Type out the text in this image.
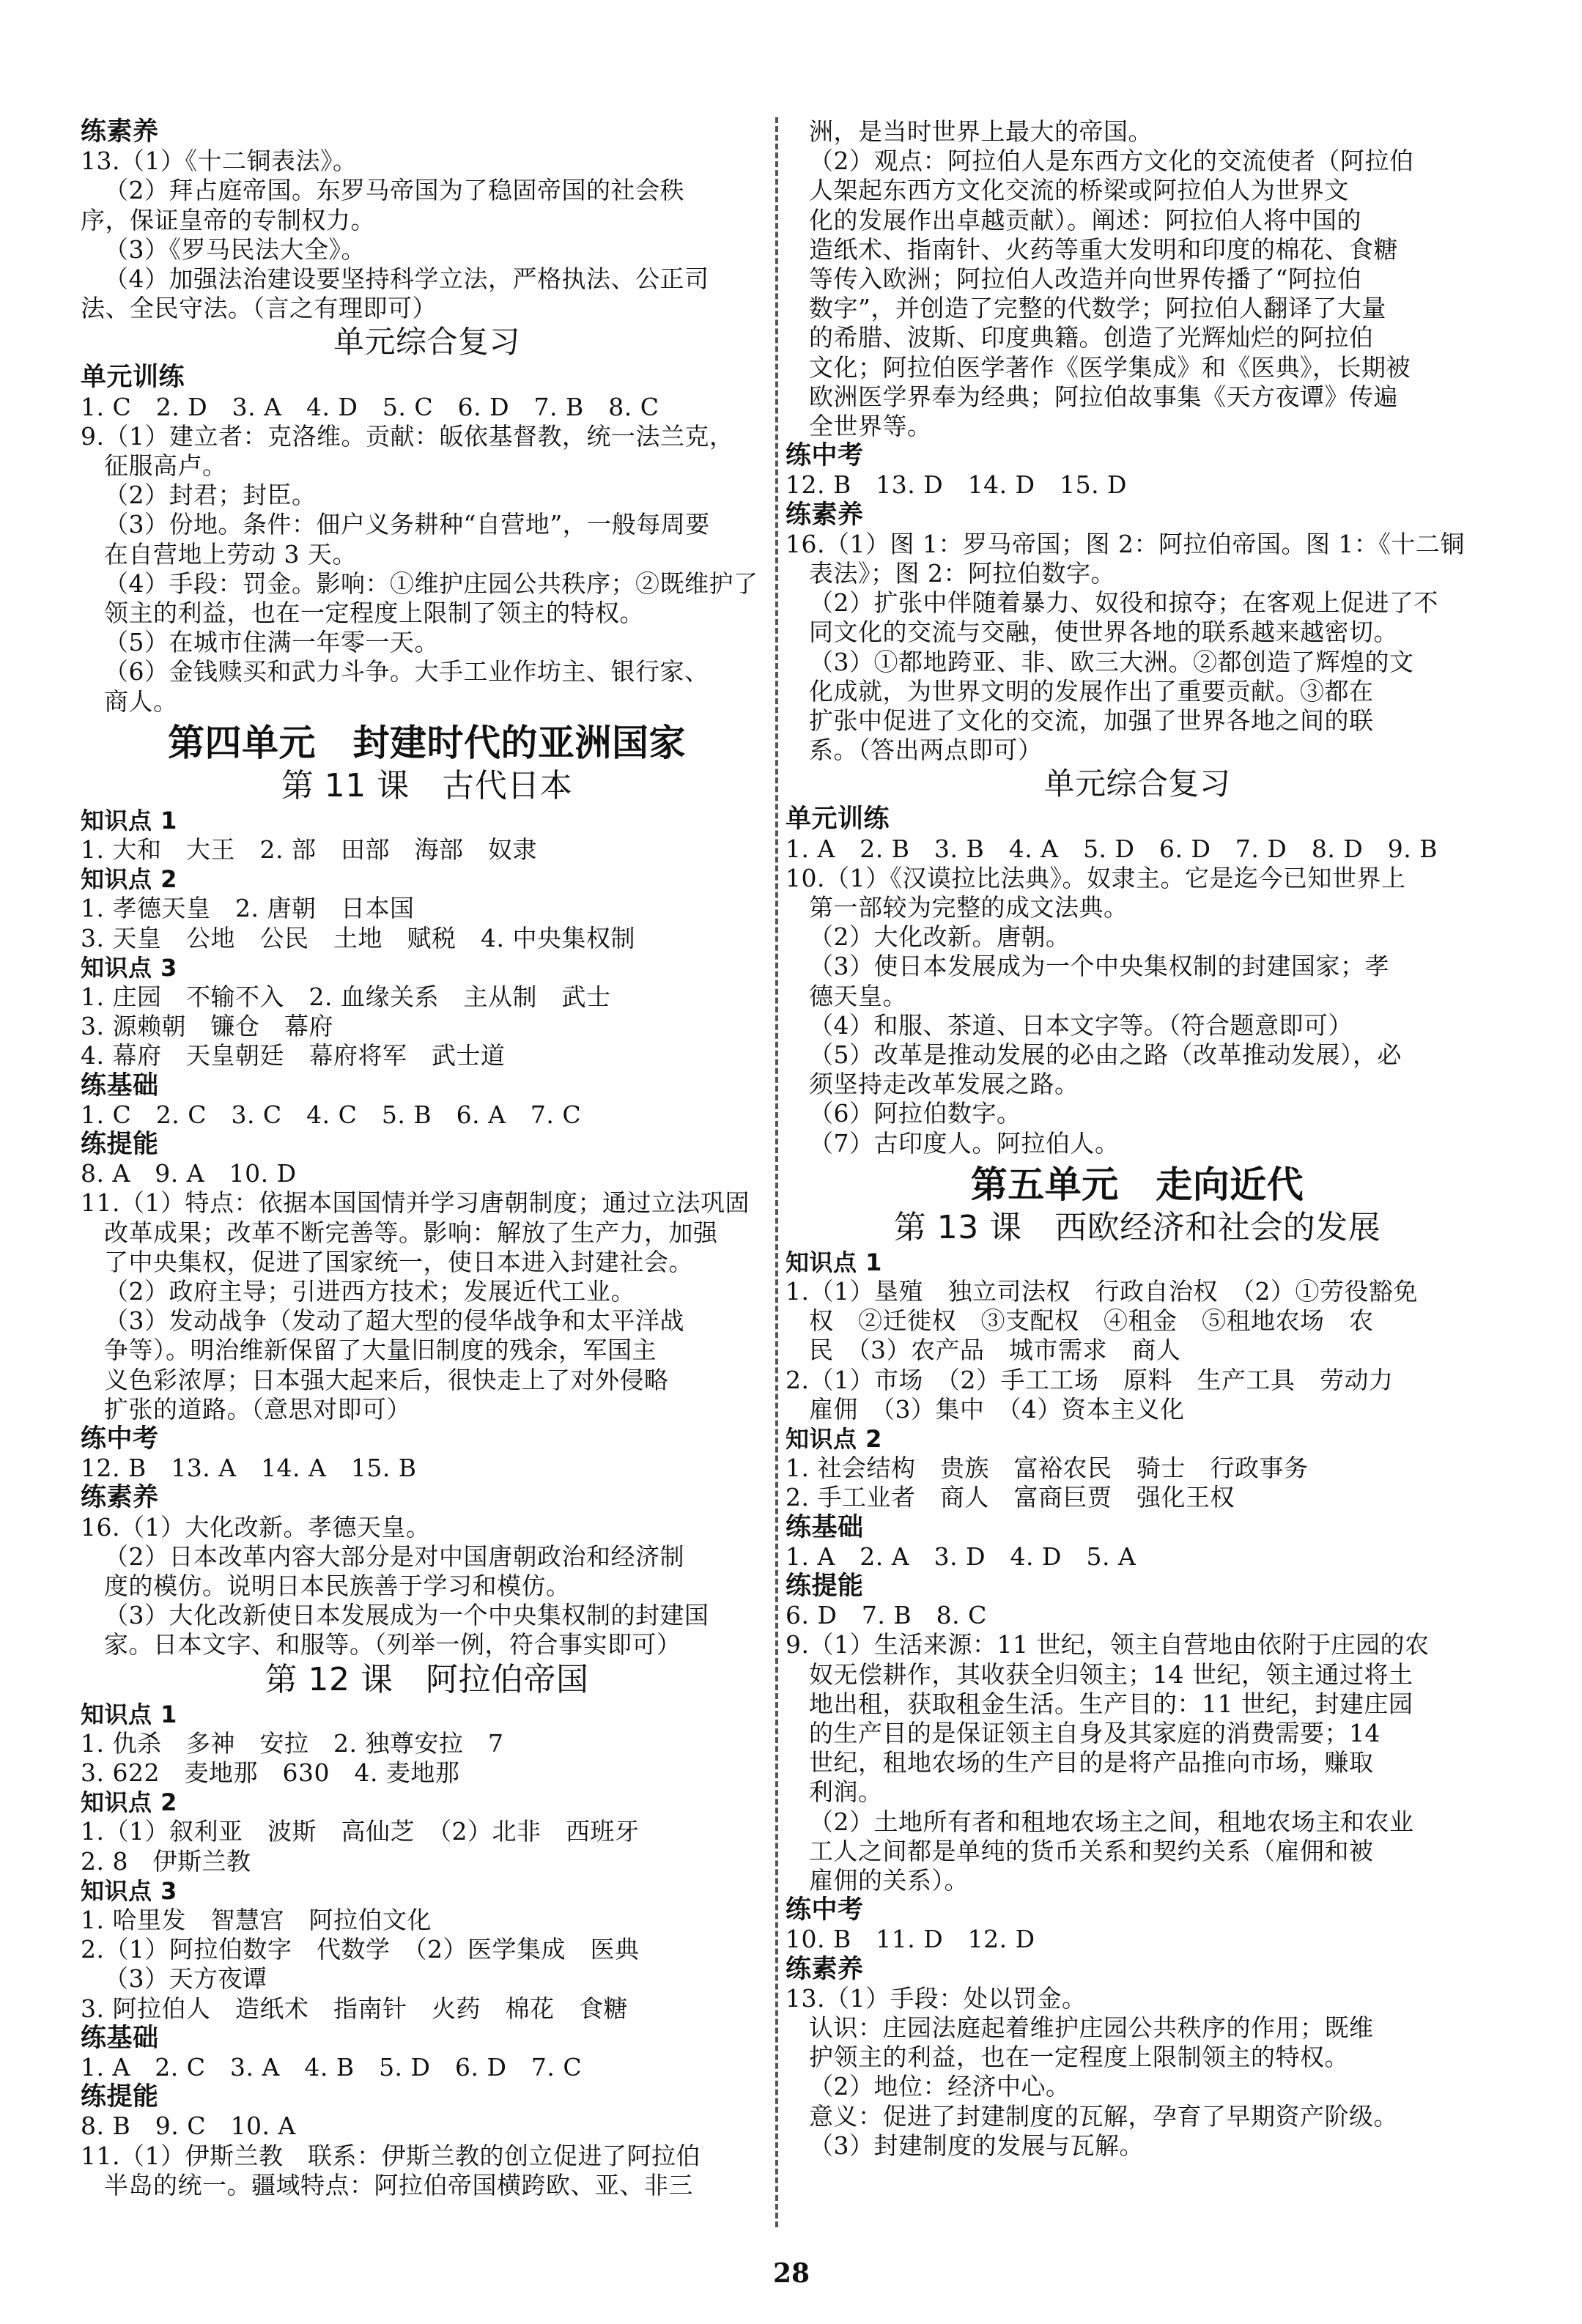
练素养
13.（1）《十二铜表法》。
（2）拜占庭帝国。东罗马帝国为了稳固帝国的社会秩
序，保证皇帝的专制权力。
（3）《罗马民法大全》。
（4）加强法治建设要坚持科学立法，严格执法、公正司
法、全民守法。（言之有理即可）
单元综合复习
单元训练
1. C　2. D　3. A　4. D　5. C　6. D　7. B　8. C
9.（1）建立者：克洛维。贡献：皈依基督教，统一法兰克，
征服高卢。
（2）封君；封臣。
（3）份地。条件：佃户义务耕种“自营地”，一般每周要
在自营地上劳动 3 天。
（4）手段：罚金。影响：①维护庄园公共秩序；②既维护了
领主的利益，也在一定程度上限制了领主的特权。
（5）在城市住满一年零一天。
（6）金钱赎买和武力斗争。大手工业作坊主、银行家、
商人。
第四单元　封建时代的亚洲国家
第 11 课　古代日本
知识点 1
1. 大和　大王　2. 部　田部　海部　奴隶
知识点 2
1. 孝德天皇　2. 唐朝　日本国
3. 天皇　公地　公民　土地　赋税　4. 中央集权制
知识点 3
1. 庄园　不输不入　2. 血缘关系　主从制　武士
3. 源赖朝　镰仓　幕府
4. 幕府　天皇朝廷　幕府将军　武士道
练基础
1. C　2. C　3. C　4. C　5. B　6. A　7. C
练提能
8. A　9. A　10. D
11.（1）特点：依据本国国情并学习唐朝制度；通过立法巩固
改革成果；改革不断完善等。影响：解放了生产力，加强
了中央集权，促进了国家统一，使日本进入封建社会。
（2）政府主导；引进西方技术；发展近代工业。
（3）发动战争（发动了超大型的侵华战争和太平洋战
争等）。明治维新保留了大量旧制度的残余，军国主
义色彩浓厚；日本强大起来后，很快走上了对外侵略
扩张的道路。（意思对即可）
练中考
12. B　13. A　14. A　15. B
练素养
16.（1）大化改新。孝德天皇。
（2）日本改革内容大部分是对中国唐朝政治和经济制
度的模仿。说明日本民族善于学习和模仿。
（3）大化改新使日本发展成为一个中央集权制的封建国
家。日本文字、和服等。（列举一例，符合事实即可）
第 12 课　阿拉伯帝国
知识点 1
1. 仇杀　多神　安拉　2. 独尊安拉　7
3. 622　麦地那　630　4. 麦地那
知识点 2
1.（1）叙利亚　波斯　高仙芝　（2）北非　西班牙
2. 8　伊斯兰教
知识点 3
1. 哈里发　智慧宫　阿拉伯文化
2.（1）阿拉伯数字　代数学　（2）医学集成　医典
（3）天方夜谭
3. 阿拉伯人　造纸术　指南针　火药　棉花　食糖
练基础
1. A　2. C　3. A　4. B　5. D　6. D　7. C
练提能
8. B　9. C　10. A
11.（1）伊斯兰教　联系：伊斯兰教的创立促进了阿拉伯
半岛的统一。疆域特点：阿拉伯帝国横跨欧、亚、非三
洲，是当时世界上最大的帝国。
（2）观点：阿拉伯人是东西方文化的交流使者（阿拉伯
人架起东西方文化交流的桥梁或阿拉伯人为世界文
化的发展作出卓越贡献）。阐述：阿拉伯人将中国的
造纸术、指南针、火药等重大发明和印度的棉花、食糖
等传入欧洲；阿拉伯人改造并向世界传播了“阿拉伯
数字”，并创造了完整的代数学；阿拉伯人翻译了大量
的希腊、波斯、印度典籍。创造了光辉灿烂的阿拉伯
文化；阿拉伯医学著作《医学集成》和《医典》，长期被
欧洲医学界奉为经典；阿拉伯故事集《天方夜谭》传遍
全世界等。
练中考
12. B　13. D　14. D　15. D
练素养
16.（1）图 1：罗马帝国；图 2：阿拉伯帝国。图 1：《十二铜
表法》；图 2：阿拉伯数字。
（2）扩张中伴随着暴力、奴役和掠夺；在客观上促进了不
同文化的交流与交融，使世界各地的联系越来越密切。
（3）①都地跨亚、非、欧三大洲。②都创造了辉煌的文
化成就，为世界文明的发展作出了重要贡献。③都在
扩张中促进了文化的交流，加强了世界各地之间的联
系。（答出两点即可）
单元综合复习
单元训练
1. A　2. B　3. B　4. A　5. D　6. D　7. D　8. D　9. B
10.（1）《汉谟拉比法典》。奴隶主。它是迄今已知世界上
第一部较为完整的成文法典。
（2）大化改新。唐朝。
（3）使日本发展成为一个中央集权制的封建国家；孝
德天皇。
（4）和服、茶道、日本文字等。（符合题意即可）
（5）改革是推动发展的必由之路（改革推动发展），必
须坚持走改革发展之路。
（6）阿拉伯数字。
（7）古印度人。阿拉伯人。
第五单元　走向近代
第 13 课　西欧经济和社会的发展
知识点 1
1.（1）垦殖　独立司法权　行政自治权　（2）①劳役豁免
权　②迁徙权　③支配权　④租金　⑤租地农场　农
民　（3）农产品　城市需求　商人
2.（1）市场　（2）手工工场　原料　生产工具　劳动力
雇佣　（3）集中　（4）资本主义化
知识点 2
1. 社会结构　贵族　富裕农民　骑士　行政事务
2. 手工业者　商人　富商巨贾　强化王权
练基础
1. A　2. A　3. D　4. D　5. A
练提能
6. D　7. B　8. C
9.（1）生活来源：11 世纪，领主自营地由依附于庄园的农
奴无偿耕作，其收获全归领主；14 世纪，领主通过将土
地出租，获取租金生活。生产目的：11 世纪，封建庄园
的生产目的是保证领主自身及其家庭的消费需要；14
世纪，租地农场的生产目的是将产品推向市场，赚取
利润。
（2）土地所有者和租地农场主之间，租地农场主和农业
工人之间都是单纯的货币关系和契约关系（雇佣和被
雇佣的关系）。
练中考
10. B　11. D　12. D
练素养
13.（1）手段：处以罚金。
认识：庄园法庭起着维护庄园公共秩序的作用；既维
护领主的利益，也在一定程度上限制领主的特权。
（2）地位：经济中心。
意义：促进了封建制度的瓦解，孕育了早期资产阶级。
（3）封建制度的发展与瓦解。
28
